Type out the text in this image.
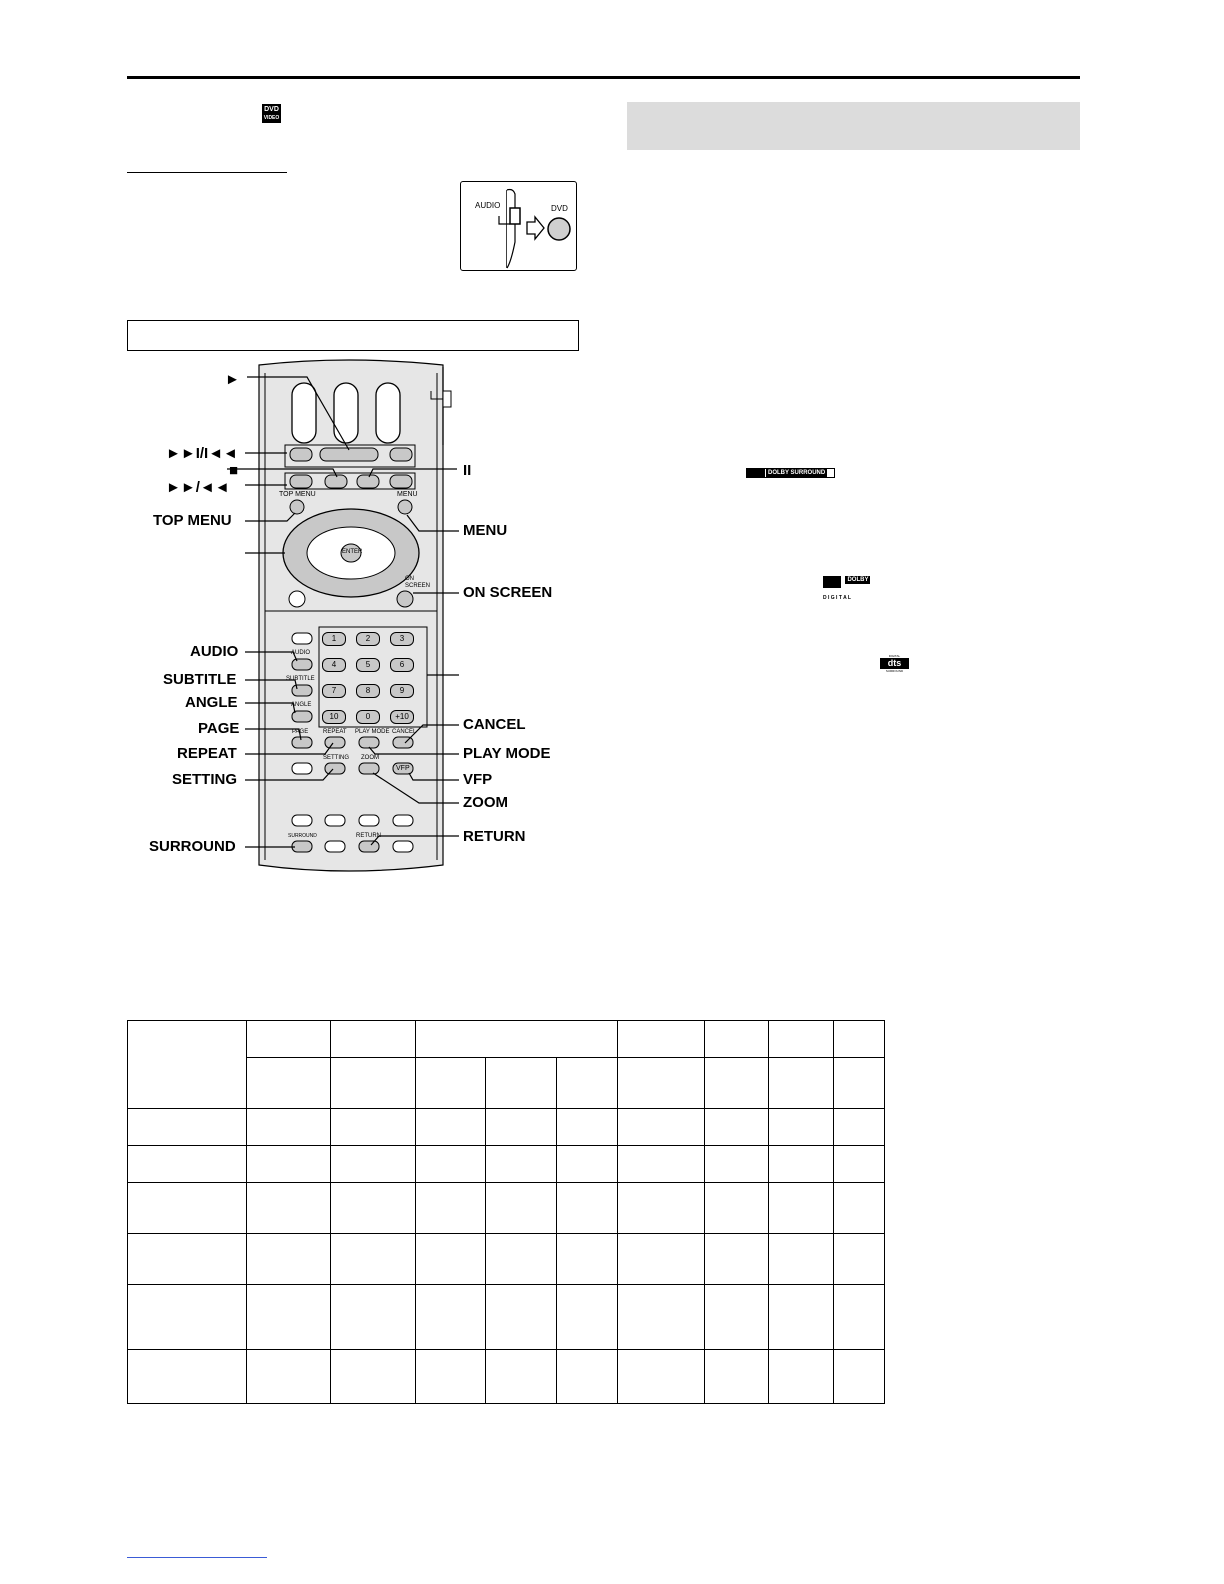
DVD
VIDEO
AUDIO	DVD
TOP MENU	MENU
ENTER
ON SCREEN
AUDIO
SUBTITLE
ANGLE
PAGE REPEAT PLAY MODE CANCEL
SETTING ZOOM
VFP
SURROUND	RETURN
1	2	3
4	5	6
7	8	9
10	0	+10
►
►►I/I◄◄
■	II
►►/◄◄
TOP MENU
MENU
ON SCREEN
AUDIO
SUBTITLE
ANGLE
PAGE
REPEAT
SETTING
SURROUND
CANCEL
PLAY MODE
VFP
ZOOM
RETURN
DOLBY SURROUND
DOLBY
D I G I T A L
DIGITAL
dts
SURROUND
